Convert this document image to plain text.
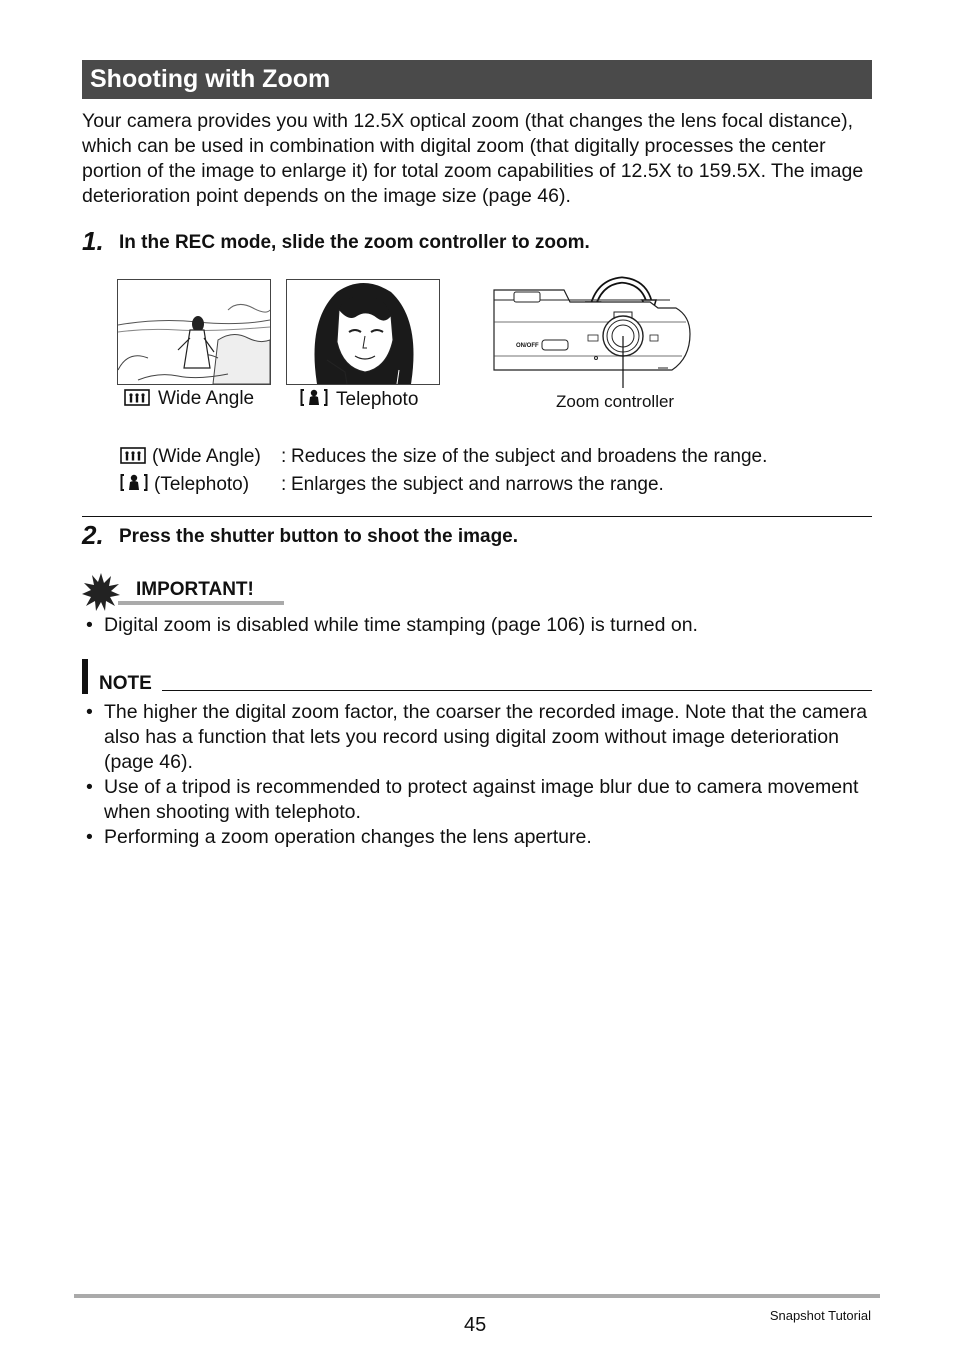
Shooting with Zoom
Your camera provides you with 12.5X optical zoom (that changes the lens focal distance), which can be used in combination with digital zoom (that digitally processes the center portion of the image to enlarge it) for total zoom capabilities of 12.5X to 159.5X. The image deterioration point depends on the image size (page 46).
1. In the REC mode, slide the zoom controller to zoom.
Wide Angle	Telephoto
ON/OFF
Zoom controller
(Wide Angle) : Reduces the size of the subject and broadens the range.
(Telephoto) : Enlarges the subject and narrows the range.
2. Press the shutter button to shoot the image.
IMPORTANT!
• Digital zoom is disabled while time stamping (page 106) is turned on.
NOTE
• The higher the digital zoom factor, the coarser the recorded image. Note that the camera also has a function that lets you record using digital zoom without image deterioration (page 46).
• Use of a tripod is recommended to protect against image blur due to camera movement when shooting with telephoto.
• Performing a zoom operation changes the lens aperture.
45	Snapshot Tutorial
